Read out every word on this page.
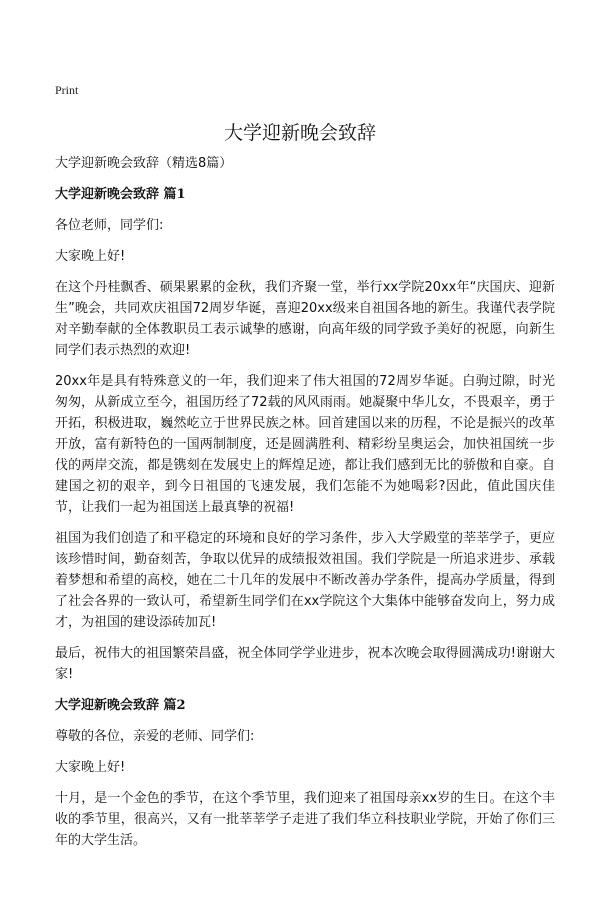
Print
大学迎新晚会致辞

大学迎新晚会致辞（精选8篇）

大学迎新晚会致辞 篇1

各位老师，同学们:

大家晚上好!

在这个丹桂飘香、硕果累累的金秋，我们齐聚一堂，举行xx学院20xx年“庆国庆、迎新生”晚会，共同欢庆祖国72周岁华诞，喜迎20xx级来自祖国各地的新生。我谨代表学院对辛勤奉献的全体教职员工表示诚挚的感谢，向高年级的同学致予美好的祝愿，向新生同学们表示热烈的欢迎!

20xx年是具有特殊意义的一年，我们迎来了伟大祖国的72周岁华诞。白驹过隙，时光匆匆，从新成立至今，祖国历经了72载的风风雨雨。她凝聚中华儿女，不畏艰辛，勇于开拓，积极进取，巍然屹立于世界民族之林。回首建国以来的历程，不论是振兴的改革开放，富有新特色的一国两制制度，还是圆满胜利、精彩纷呈奥运会，加快祖国统一步伐的两岸交流，都是镌刻在发展史上的辉煌足迹，都让我们感到无比的骄傲和自豪。自建国之初的艰辛，到今日祖国的飞速发展，我们怎能不为她喝彩?因此，值此国庆佳节，让我们一起为祖国送上最真挚的祝福!

祖国为我们创造了和平稳定的环境和良好的学习条件，步入大学殿堂的莘莘学子，更应该珍惜时间，勤奋刻苦，争取以优异的成绩报效祖国。我们学院是一所追求进步、承载着梦想和希望的高校，她在二十几年的发展中不断改善办学条件，提高办学质量，得到了社会各界的一致认可，希望新生同学们在xx学院这个大集体中能够奋发向上，努力成才，为祖国的建设添砖加瓦!

最后，祝伟大的祖国繁荣昌盛，祝全体同学学业进步，祝本次晚会取得圆满成功!谢谢大家!

大学迎新晚会致辞 篇2

尊敬的各位，亲爱的老师、同学们:

大家晚上好!

十月，是一个金色的季节，在这个季节里，我们迎来了祖国母亲xx岁的生日。在这个丰收的季节里，很高兴，又有一批莘莘学子走进了我们华立科技职业学院，开始了你们三年的大学生活。
